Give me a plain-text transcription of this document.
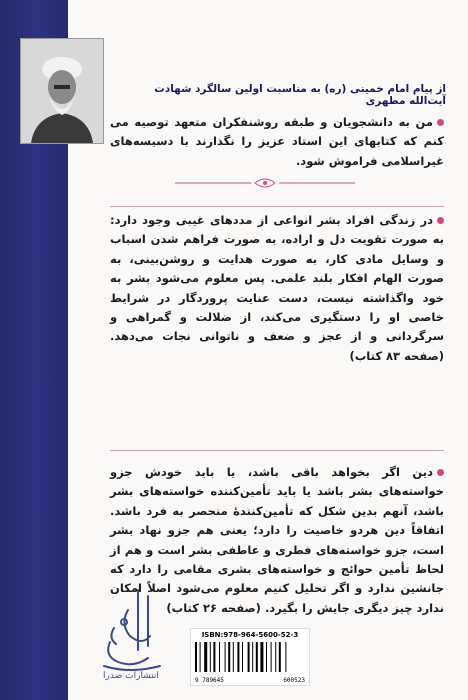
از پیام امام خمینی (ره) به مناسبت اولین سالگرد شهادت آیت‌الله مطهری
من به دانشجویان و طبقه روشنفکران متعهد توصیه می کنم که کتابهای این استاد عزیز را نگذارند با دسیسه‌های غیراسلامی فراموش شود.
در زندگی افراد بشر انواعی از مددهای غیبی وجود دارد: به صورت تقویت دل و اراده، به صورت فراهم شدن اسباب و وسایل مادی کار، به صورت هدایت و روشن‌بینی، به صورت الهام افکار بلند علمی. پس معلوم می‌شود بشر به خود واگذاشته نیست، دست عنایت پروردگار در شرایط خاصی او را دستگیری می‌کند، از ضلالت و گمراهی و سرگردانی و از عجز و ضعف و ناتوانی نجات می‌دهد. (صفحه ۸۳ کتاب)
دین اگر بخواهد باقی باشد، یا باید خودش جزو خواسته‌های بشر باشد یا باید تأمین‌کننده خواسته‌های بشر باشد، آنهم بدین شکل که تأمین‌کنندهٔ منحصر به فرد باشد. اتفاقاً دین هردو خاصیت را دارد؛ یعنی هم جزو نهاد بشر است، جزو خواسته‌های فطری و عاطفی بشر است و هم از لحاظ تأمین حوائج و خواسته‌های بشری مقامی را دارد که جانشین ندارد و اگر تحلیل کنیم معلوم می‌شود اصلاً امکان ندارد چیز دیگری جایش را بگیرد. (صفحه ۲۶ کتاب)
انتشارات صدرا
ISBN:978-964-5600-52-3
9 789645	600523
